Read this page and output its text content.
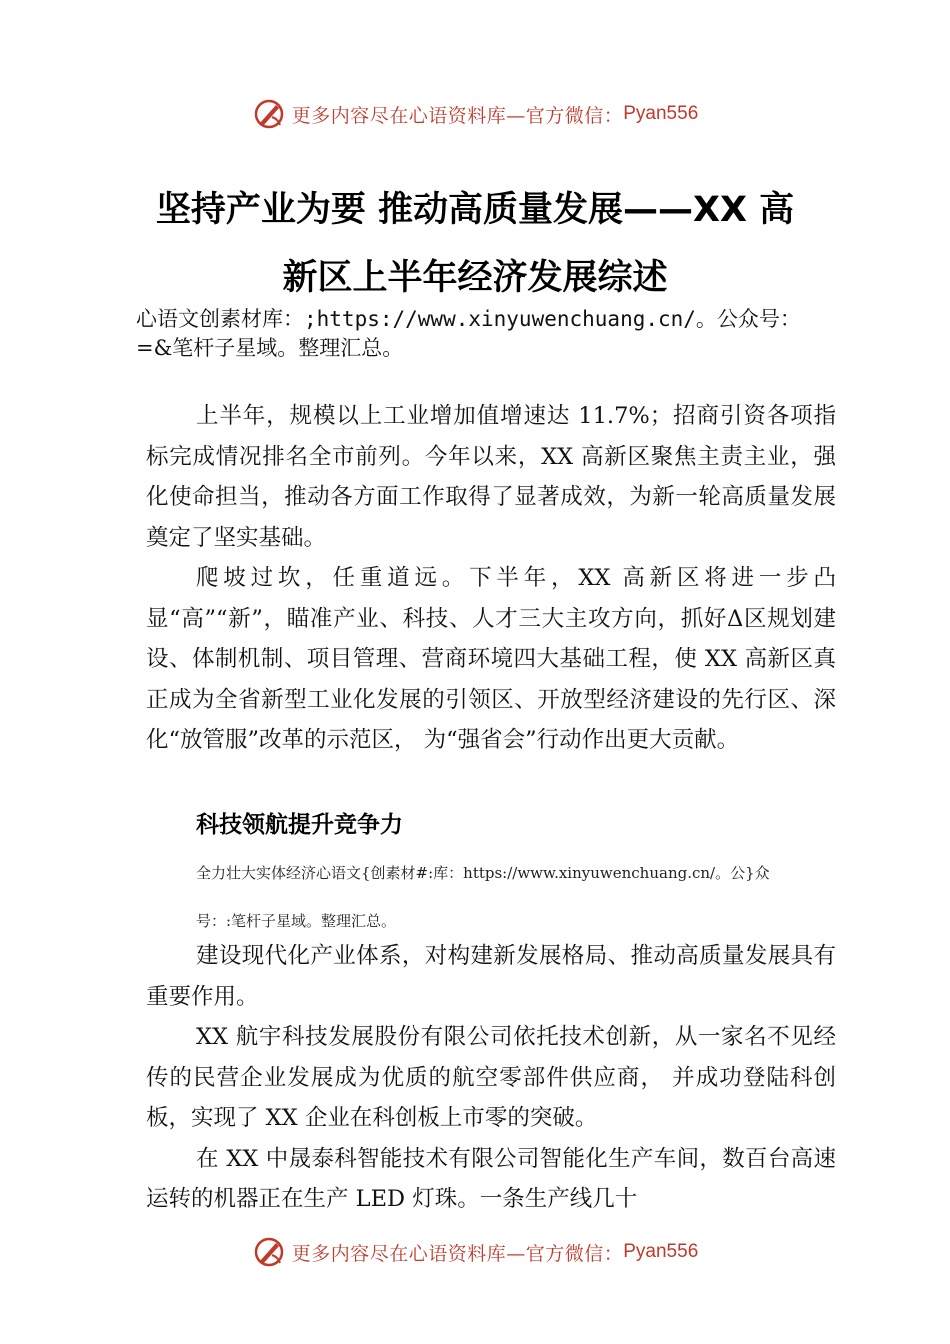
更多内容尽在心语资料库—官方微信： Pyan556
坚持产业为要 推动高质量发展——XX 高
新区上半年经济发展综述
心语文创素材库：;https://www.xinyuwenchuang.cn/。公众号：
=&笔杆子星域。整理汇总。

上半年，规模以上工业增加值增速达 11.7%；招商引资各项指标完成情况排名全市前列。今年以来，XX 高新区聚焦主责主业，强化使命担当，推动各方面工作取得了显著成效，为新一轮高质量发展奠定了坚实基础。

爬坡过坎，任重道远。下半年，XX 高新区将进一步凸显“高”“新”，瞄准产业、科技、人才三大主攻方向，抓好Δ区规划建设、体制机制、项目管理、营商环境四大基础工程，使 XX 高新区真正成为全省新型工业化发展的引领区、开放型经济建设的先行区、深化“放管服”改革的示范区， 为“强省会”行动作出更大贡献。

科技领航提升竞争力
全力壮大实体经济心语文{创素材#:库：https://www.xinyuwenchuang.cn/。公}众
号：:笔杆子星域。整理汇总。

建设现代化产业体系，对构建新发展格局、推动高质量发展具有重要作用。

XX 航宇科技发展股份有限公司依托技术创新，从一家名不见经传的民营企业发展成为优质的航空零部件供应商， 并成功登陆科创板，实现了 XX 企业在科创板上市零的突破。

在 XX 中晟泰科智能技术有限公司智能化生产车间，数百台高速运转的机器正在生产 LED 灯珠。一条生产线几十

更多内容尽在心语资料库—官方微信： Pyan556
